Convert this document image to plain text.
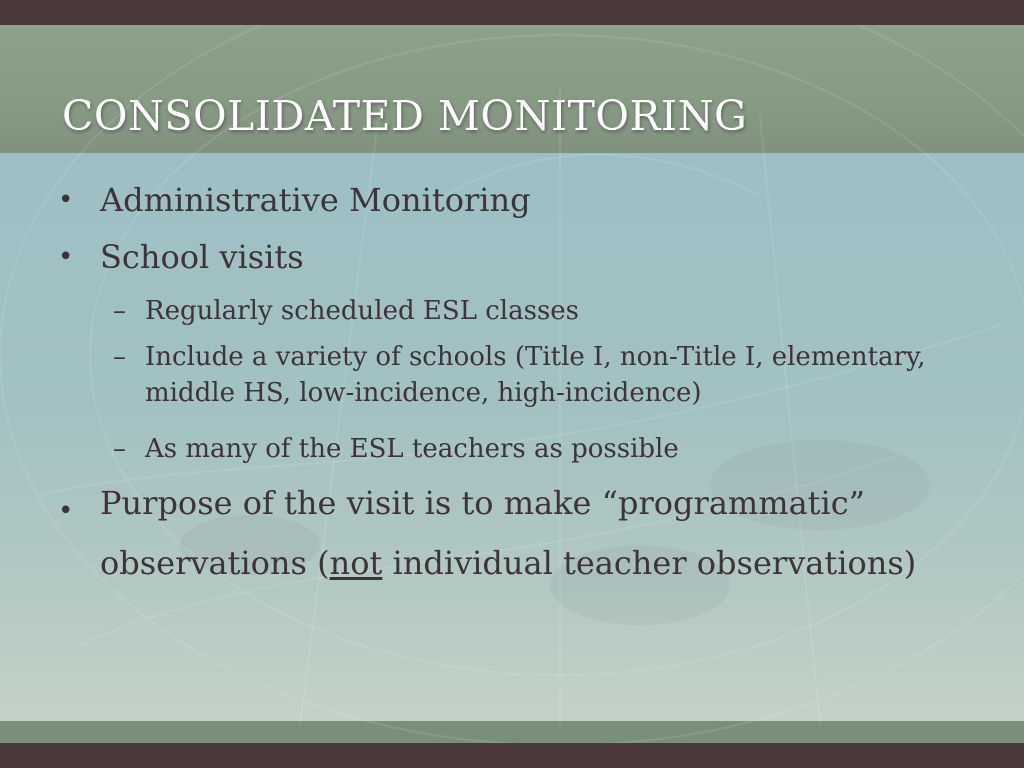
CONSOLIDATED MONITORING

• Administrative Monitoring

• School visits

– Regularly scheduled ESL classes

– Include a variety of schools (Title I, non-Title I, elementary, middle HS, low-incidence, high-incidence)

– As many of the ESL teachers as possible

• Purpose of the visit is to make “programmatic” observations (not individual teacher observations)
